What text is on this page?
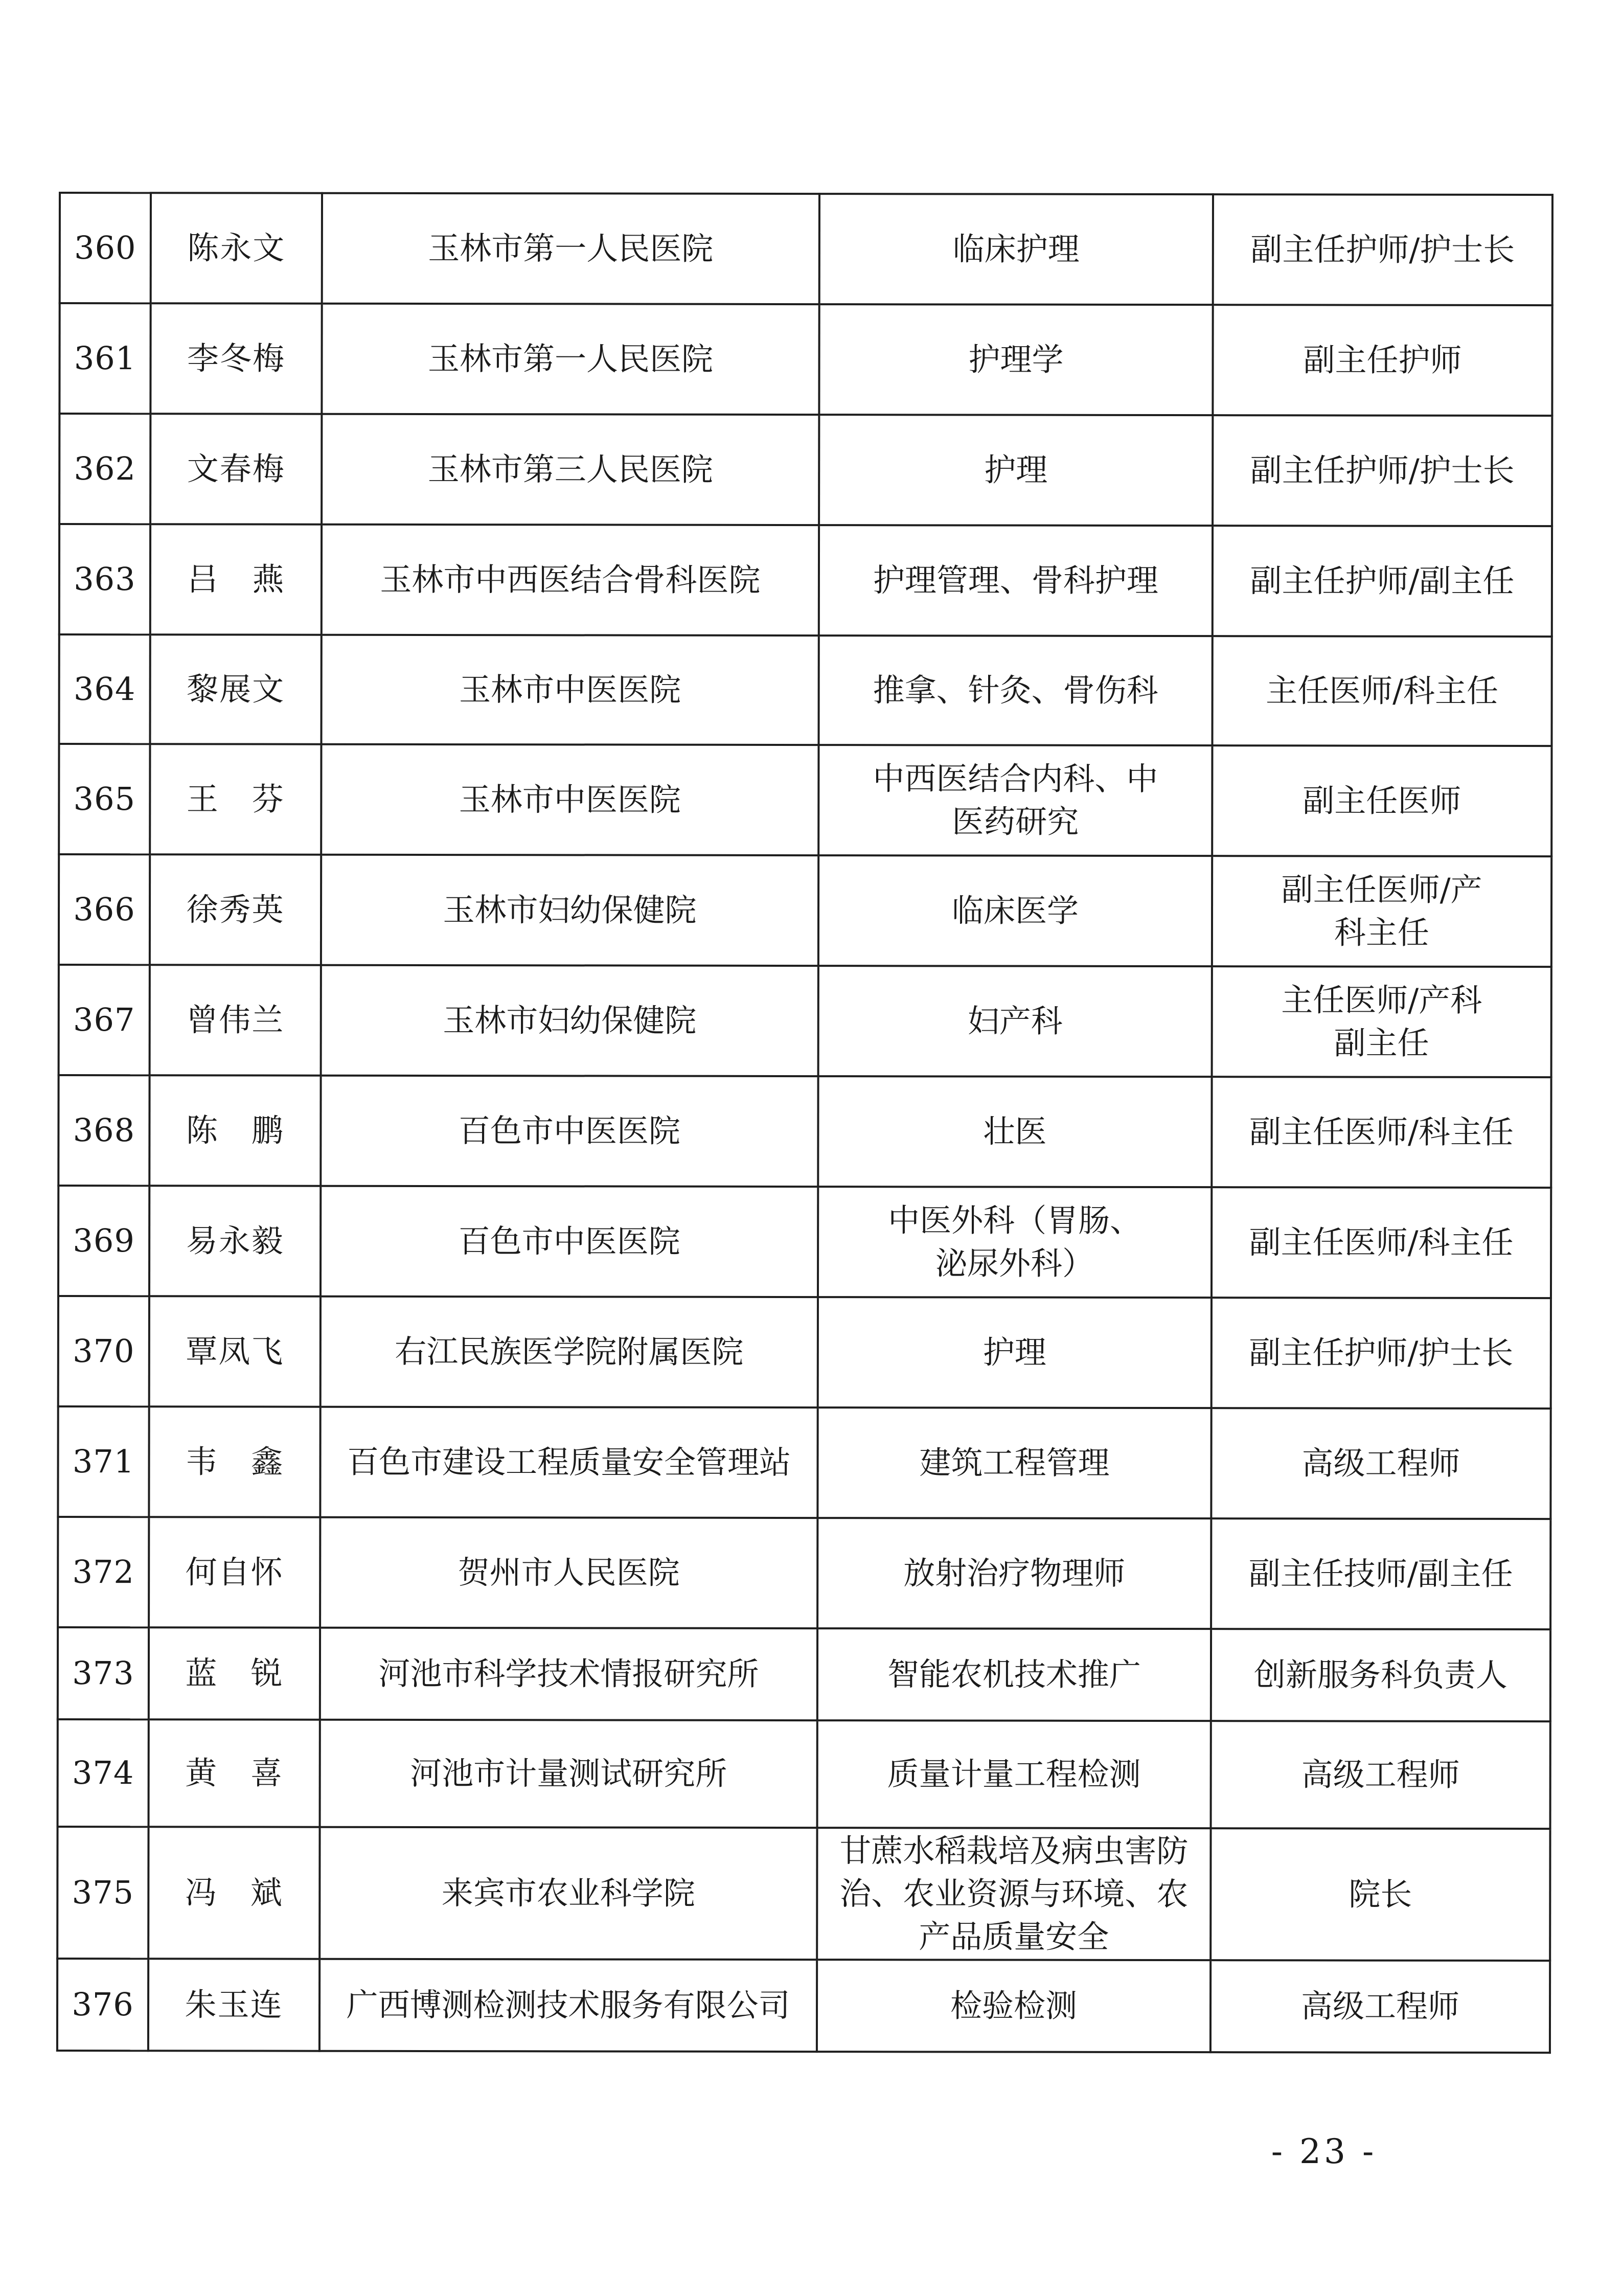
360	陈永文	玉林市第一人民医院	临床护理	副主任护师/护士长
361	李冬梅	玉林市第一人民医院	护理学	副主任护师
362	文春梅	玉林市第三人民医院	护理	副主任护师/护士长
363	吕　燕	玉林市中西医结合骨科医院	护理管理、骨科护理	副主任护师/副主任
364	黎展文	玉林市中医医院	推拿、针灸、骨伤科	主任医师/科主任
365	王　芬	玉林市中医医院	中西医结合内科、中医药研究	副主任医师
366	徐秀英	玉林市妇幼保健院	临床医学	副主任医师/产科主任

367	曾伟兰	玉林市妇幼保健院	妇产科	主任医师/产科副主任

368	陈　鹏	百色市中医医院	壮医	副主任医师/科主任
369	易永毅	百色市中医医院	中医外科（胃肠、泌尿外科）	副主任医师/科主任
370	覃凤飞	右江民族医学院附属医院	护理	副主任护师/护士长
371	韦　鑫	百色市建设工程质量安全管理站	建筑工程管理	高级工程师
372	何自怀	贺州市人民医院	放射治疗物理师	副主任技师/副主任
373	蓝　锐	河池市科学技术情报研究所	智能农机技术推广	创新服务科负责人
374	黄　喜	河池市计量测试研究所	质量计量工程检测	高级工程师
375	冯　斌	来宾市农业科学院	甘蔗水稻栽培及病虫害防治、农业资源与环境、农产品质量安全	院长
376	朱玉连	广西博测检测技术服务有限公司	检验检测	高级工程师
- 23 -
